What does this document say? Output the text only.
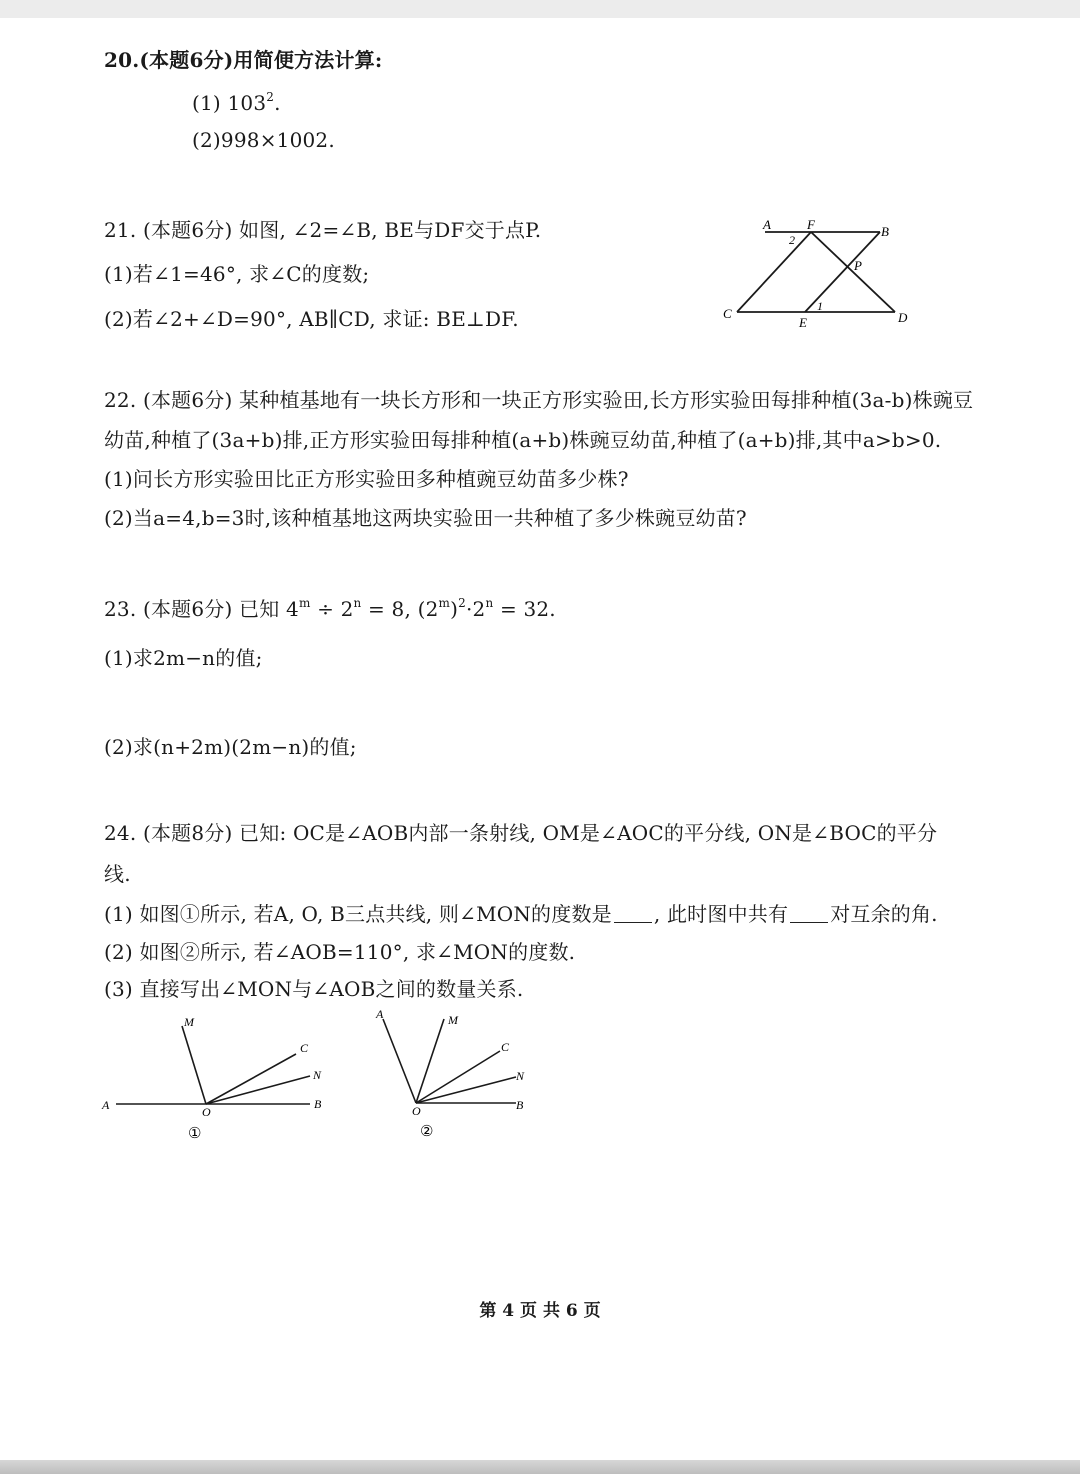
20.(本题6分)用简便方法计算:
(1) $103^2$.
(2)998×1002.
21. (本题6分) 如图, ∠2=∠B, BE与DF交于点P.
(1)若∠1=46°, 求∠C的度数;
(2)若∠2+∠D=90°, AB∥CD, 求证: BE⊥DF.
A	F	B
2
P
1
C
E	D
22. (本题6分) 某种植基地有一块长方形和一块正方形实验田,长方形实验田每排种植(3a-b)株豌豆
幼苗,种植了(3a+b)排,正方形实验田每排种植(a+b)株豌豆幼苗,种植了(a+b)排,其中a>b>0.
(1)问长方形实验田比正方形实验田多种植豌豆幼苗多少株?
(2)当a=4,b=3时,该种植基地这两块实验田一共种植了多少株豌豆幼苗?
23. (本题6分) 已知 $4^m \div 2^n = 8$, $(2^m)^2\cdot 2^n = 32$.
(1)求2m−n的值;
(2)求(n+2m)(2m−n)的值;
24. (本题8分) 已知: OC是∠AOB内部一条射线, OM是∠AOC的平分线, ON是∠BOC的平分
线.
(1) 如图①所示, 若A, O, B三点共线, 则∠MON的度数是 , 此时图中共有 对互余的角.
(2) 如图②所示, 若∠AOB=110°, 求∠MON的度数.
(3) 直接写出∠MON与∠AOB之间的数量关系.
A
M
C
N
O
B
①
A	M
C
N
O	B
②
第 4 页 共 6 页
